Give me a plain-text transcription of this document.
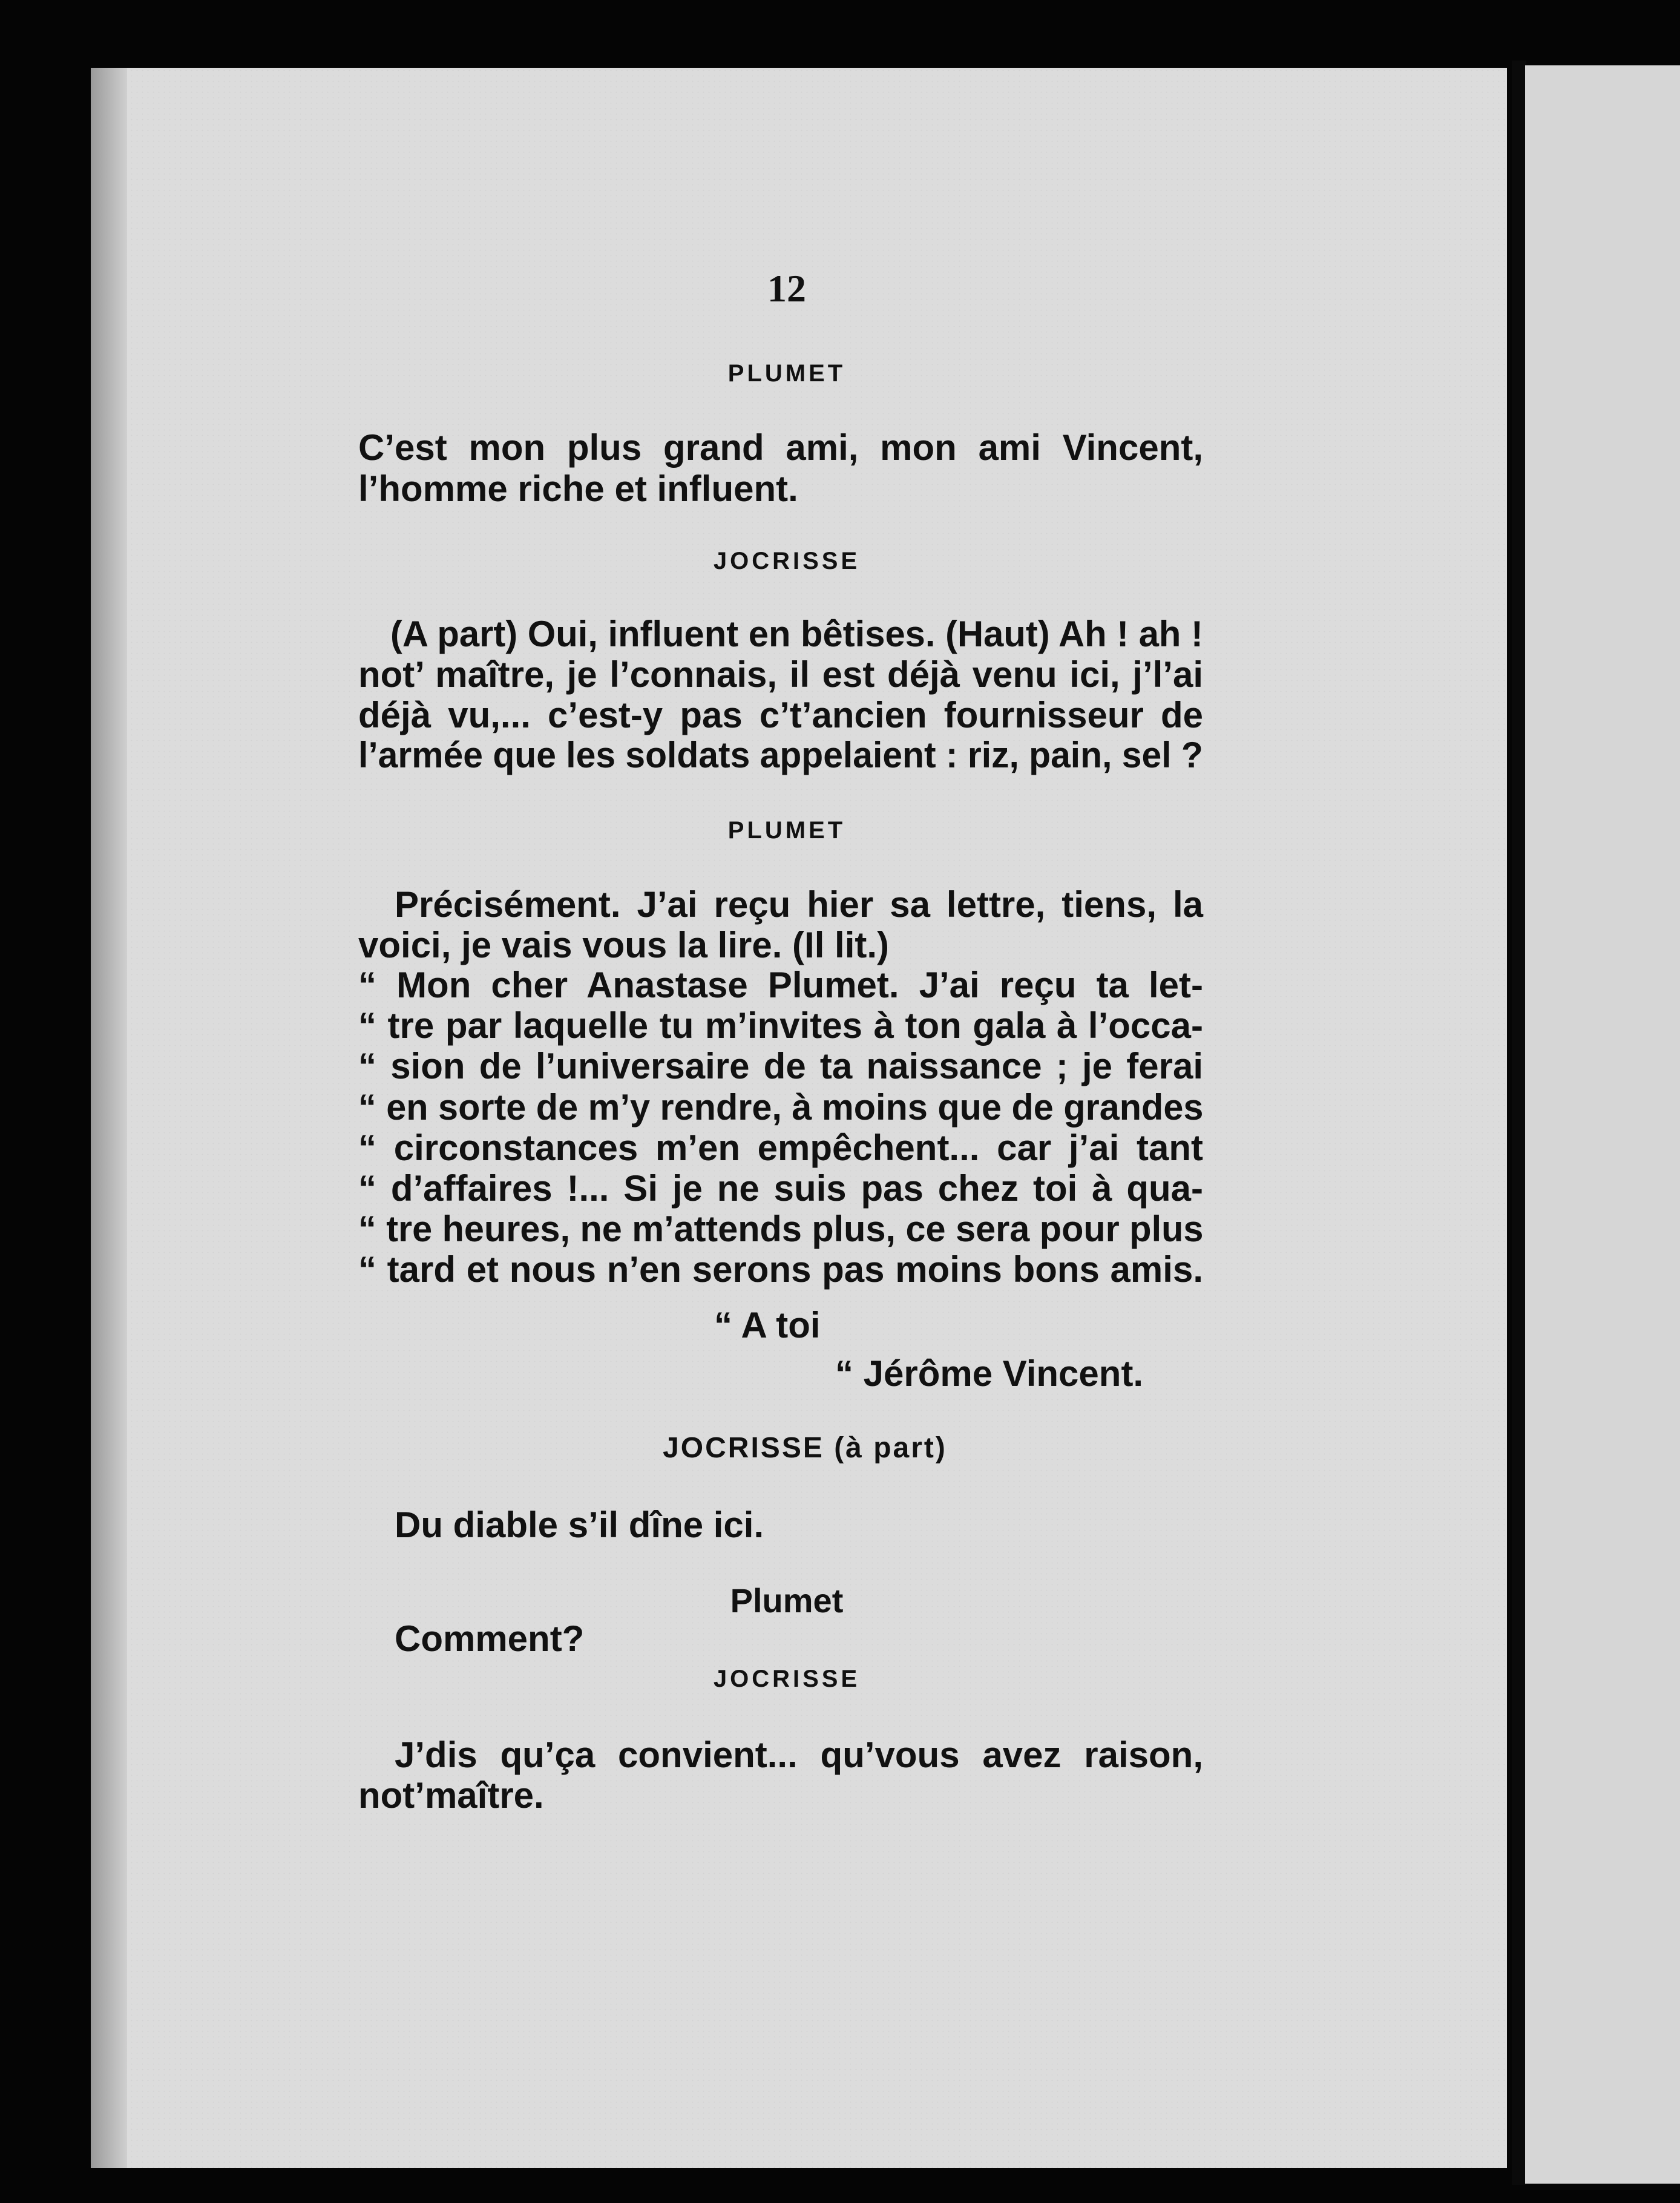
12
PLUMET
C’est mon plus grand ami, mon ami Vincent,
l’homme riche et influent.
JOCRISSE
(A part) Oui, influent en bêtises. (Haut) Ah ! ah !
not’ maître, je l’connais, il est déjà venu ici, j’l’ai
déjà vu,... c’est-y pas c’t’ancien fournisseur de
l’armée que les soldats appelaient : riz, pain, sel ?
PLUMET
Précisément. J’ai reçu hier sa lettre, tiens, la
voici, je vais vous la lire. (Il lit.)
“ Mon cher Anastase Plumet. J’ai reçu ta let-
“ tre par laquelle tu m’invites à ton gala à l’occa-
“ sion de l’universaire de ta naissance ; je ferai
“ en sorte de m’y rendre, à moins que de grandes
“ circonstances m’en empêchent... car j’ai tant
“ d’affaires !... Si je ne suis pas chez toi à qua-
“ tre heures, ne m’attends plus, ce sera pour plus
“ tard et nous n’en serons pas moins bons amis.
“ A toi
“ Jérôme Vincent.
JOCRISSE (à part)
Du diable s’il dîne ici.
Plumet
Comment?
JOCRISSE
J’dis qu’ça convient... qu’vous avez raison,
not’maître.
